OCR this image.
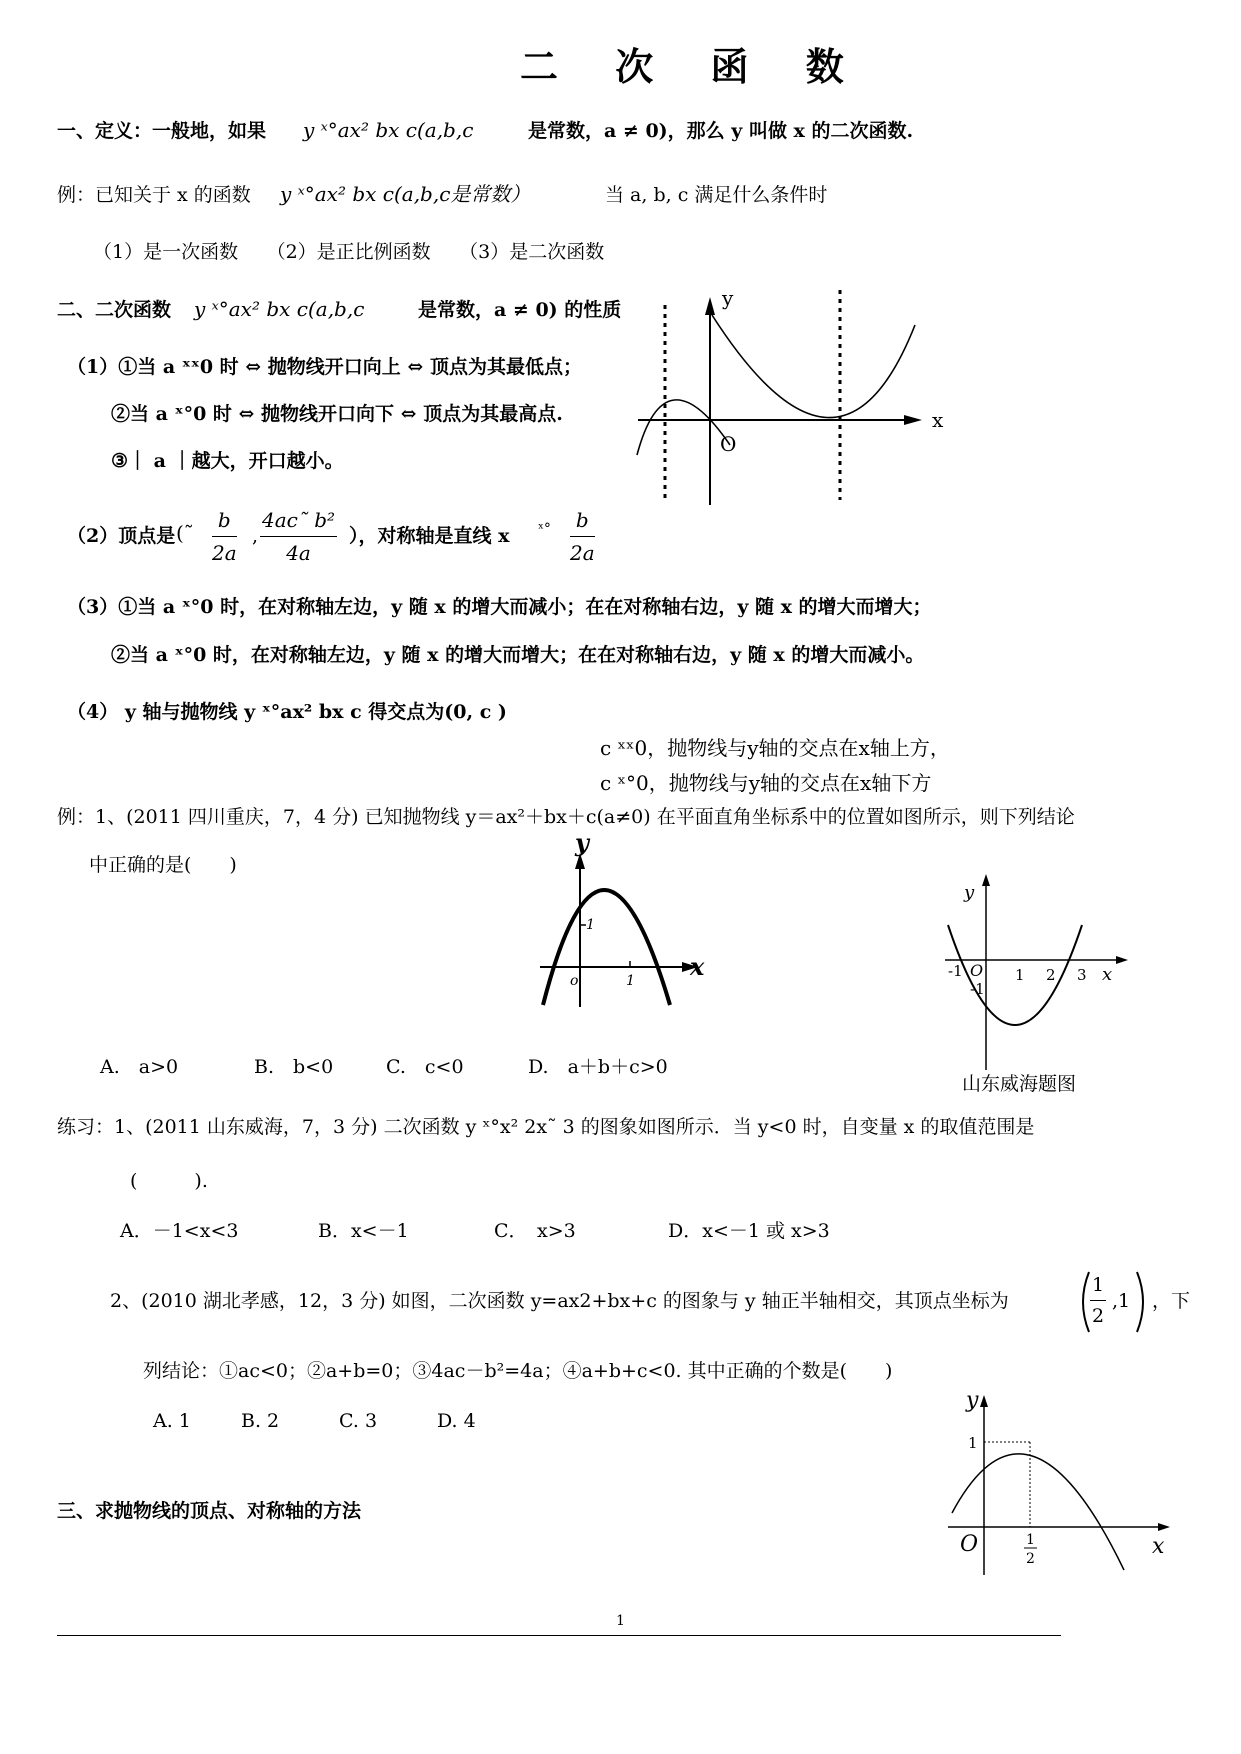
二 次 函 数
一、定义：一般地，如果 y ˣ°ax² bx c(a,b,c	是常数，a ≠ 0)，那么 y 叫做 x 的二次函数.
例：已知关于 x 的函数 y ˣ°ax² bx c(a,b,c是常数）	当 a, b, c 满足什么条件时
（1）是一次函数　　（2）是正比例函数　　（3）是二次函数
二、二次函数 y ˣ°ax² bx c(a,b,c	是常数，a ≠ 0) 的性质
（1）①当 a ˣˣ0 时 ⇔ 抛物线开口向上 ⇔ 顶点为其最低点；
②当 a ˣ°0 时 ⇔ 抛物线开口向下 ⇔ 顶点为其最高点.
③｜ a ｜越大，开口越小。
y
x
O
（2）顶点是 (˜ $\frac{b}{2a}$ , $\frac{\text{4ac˜ b²}}{4a}$ ），对称轴是直线 x ˣ° $\frac{b}{2a}$
（3）①当 a ˣ°0 时，在对称轴左边，y 随 x 的增大而减小；在在对称轴右边，y 随 x 的增大而增大；
②当 a ˣ°0 时，在对称轴左边，y 随 x 的增大而增大；在在对称轴右边，y 随 x 的增大而减小。
（4） y 轴与抛物线 y ˣ°ax² bx c 得交点为(0, c )
c ˣˣ0，抛物线与y轴的交点在x轴上方，
c ˣ°0，抛物线与y轴的交点在x轴下方
例：1、(2011 四川重庆，7，4 分) 已知抛物线 y＝ax²＋bx＋c(a≠0) 在平面直角坐标系中的位置如图所示，则下列结论
中正确的是(　　)
y
x
1
1
o
y
x
O
-1
-1
1 2 3
山东威海题图
A.　a>0	B.　b<0	C.　c<0	D.　a＋b＋c>0
练习：1、(2011 山东威海，7，3 分) 二次函数 y ˣ°x² 2x˜ 3 的图象如图所示．当 y<0 时，自变量 x 的取值范围是
(　　　).
A．－1<x<3	B．x<－1	C．　x>3	D．x<－1 或 x>3
2、(2010 湖北孝感，12，3 分) 如图，二次函数 y=ax2+bx+c 的图象与 y 轴正半轴相交，其顶点坐标为	$\frac{1}{2} ,1$ ，下
列结论：①ac<0；②a+b=0；③4ac－b²=4a；④a+b+c<0. 其中正确的个数是(　　)
A. 1	B. 2	C. 3	D. 4
y
x
O
1
1
2
三、求抛物线的顶点、对称轴的方法
1
